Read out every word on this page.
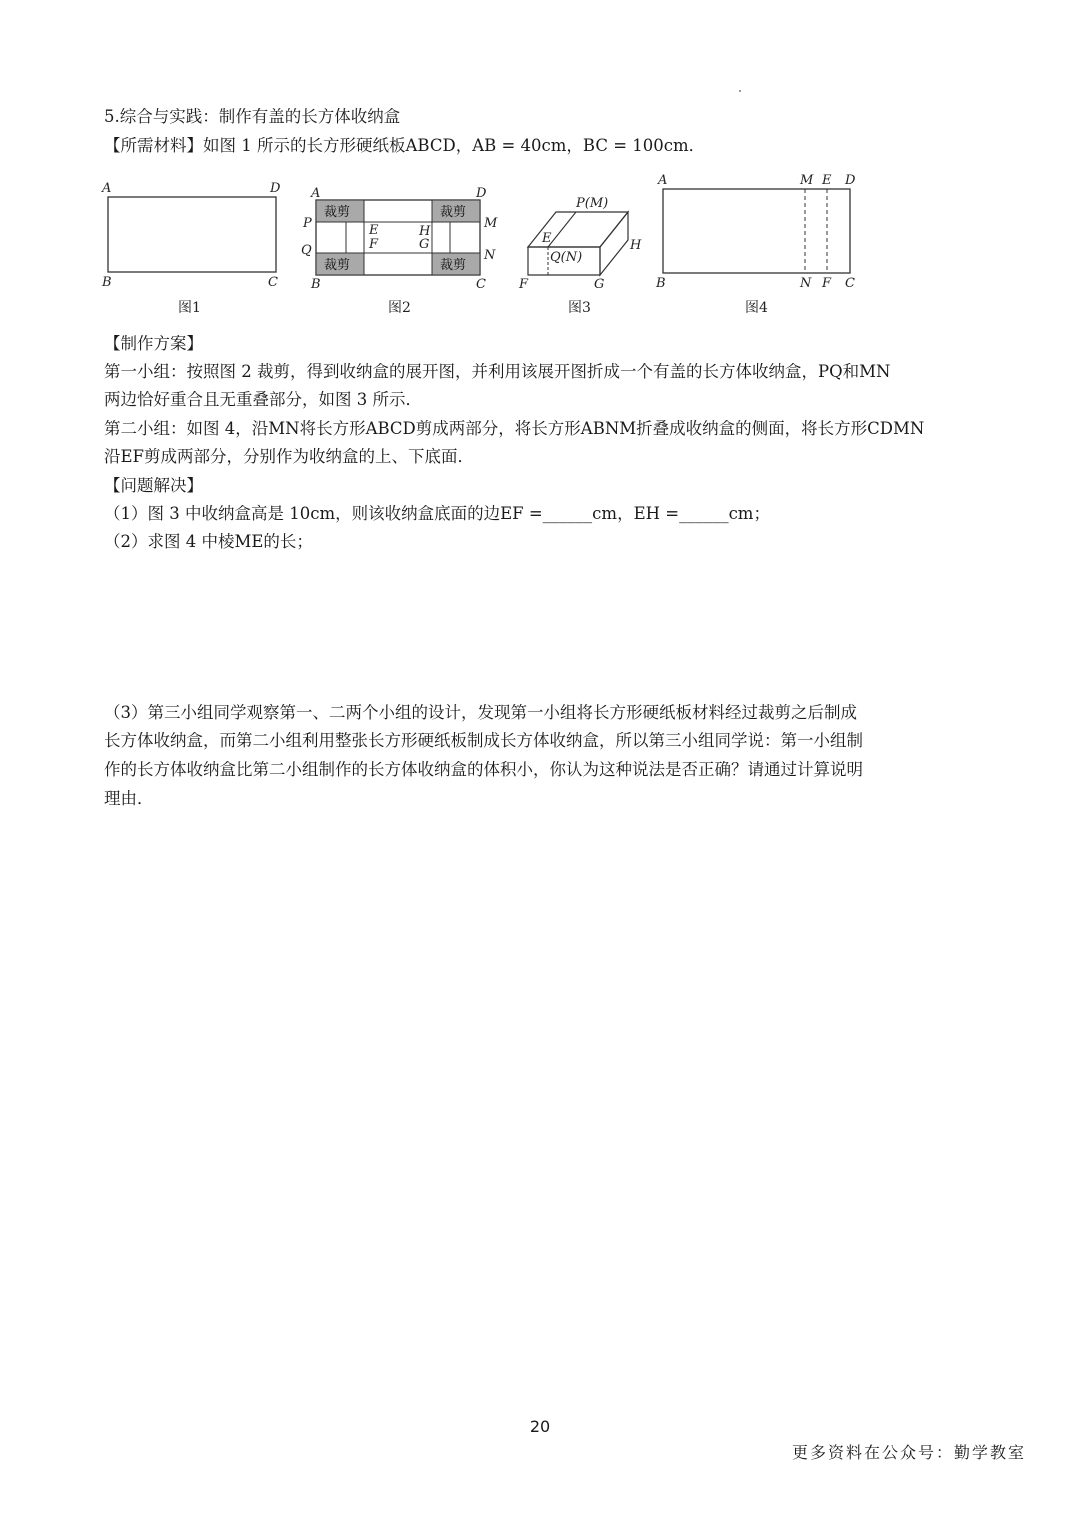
5.综合与实践：制作有盖的长方体收纳盒
【所需材料】如图 1 所示的长方形硬纸板ABCD，AB = 40cm，BC = 100cm．
A	D
B	C
图1
裁剪	裁剪
裁剪	裁剪
A	D
P
Q
M
N
E
F
H
G
B	C
图2
P(M)
E
Q(N)
H
F	G
图3
A	M E D
B	N F C
图4
【制作方案】
第一小组：按照图 2 裁剪，得到收纳盒的展开图，并利用该展开图折成一个有盖的长方体收纳盒，PQ和MN
两边恰好重合且无重叠部分，如图 3 所示．
第二小组：如图 4，沿MN将长方形ABCD剪成两部分，将长方形ABNM折叠成收纳盒的侧面，将长方形CDMN
沿EF剪成两部分，分别作为收纳盒的上、下底面．
【问题解决】
（1）图 3 中收纳盒高是 10cm，则该收纳盒底面的边EF =______cm，EH =______cm；
（2）求图 4 中棱ME的长；
（3）第三小组同学观察第一、二两个小组的设计，发现第一小组将长方形硬纸板材料经过裁剪之后制成
长方体收纳盒，而第二小组利用整张长方形硬纸板制成长方体收纳盒，所以第三小组同学说：第一小组制
作的长方体收纳盒比第二小组制作的长方体收纳盒的体积小，你认为这种说法是否正确？请通过计算说明
理由．
20
更多资料在公众号：勤学教室
